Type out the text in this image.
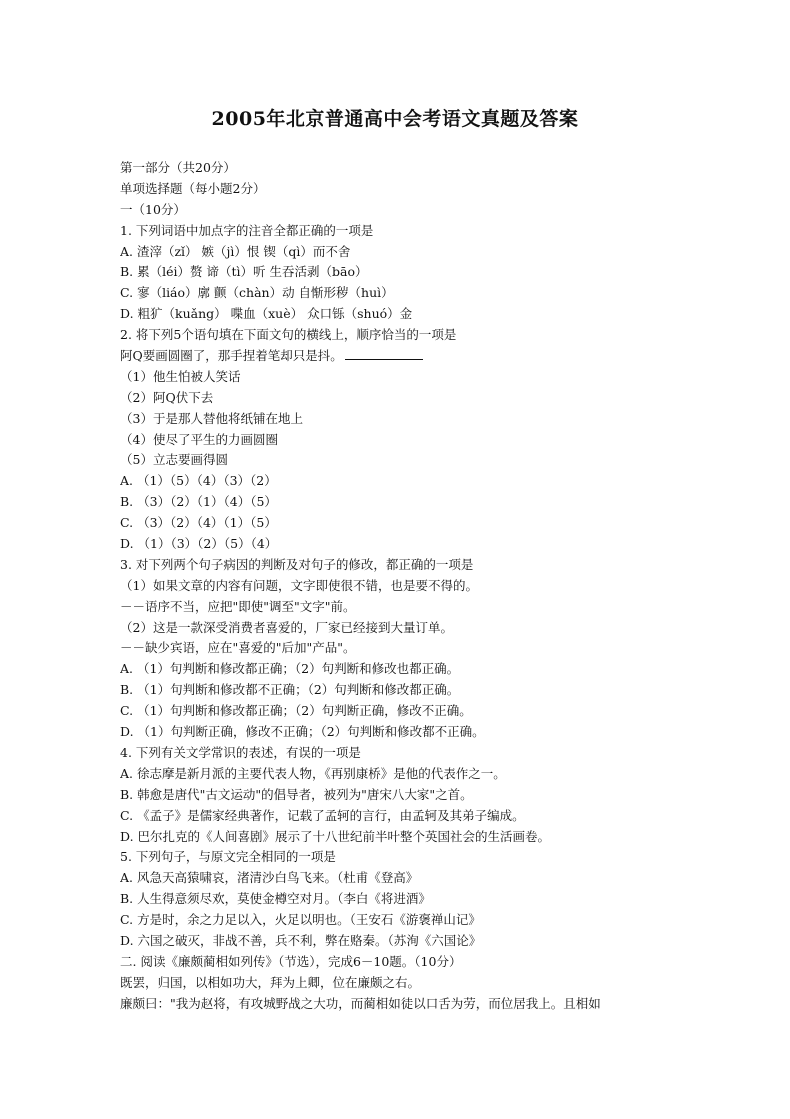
2005年北京普通高中会考语文真题及答案
第一部分（共20分）
单项选择题（每小题2分）
一（10分）
1. 下列词语中加点字的注音全都正确的一项是
A. 渣滓（zǐ） 嫉（jì）恨 锲（qì）而不舍
B. 累（léi）赘 谛（tì）听 生吞活剥（bāo）
C. 寥（liáo）廓 颤（chàn）动 自惭形秽（huì）
D. 粗犷（kuǎng） 喋血（xuè） 众口铄（shuó）金
2. 将下列5个语句填在下面文句的横线上，顺序恰当的一项是
阿Q要画圆圈了，那手捏着笔却只是抖。
（1）他生怕被人笑话
（2）阿Q伏下去
（3）于是那人替他将纸铺在地上
（4）使尽了平生的力画圆圈
（5）立志要画得圆
A. （1）（5）（4）（3）（2）
B. （3）（2）（1）（4）（5）
C. （3）（2）（4）（1）（5）
D. （1）（3）（2）（5）（4）
3. 对下列两个句子病因的判断及对句子的修改，都正确的一项是
（1）如果文章的内容有问题，文字即使很不错，也是要不得的。
－－语序不当，应把"即使"调至"文字"前。
（2）这是一款深受消费者喜爱的，厂家已经接到大量订单。
－－缺少宾语，应在"喜爱的"后加"产品"。
A. （1）句判断和修改都正确；（2）句判断和修改也都正确。
B. （1）句判断和修改都不正确；（2）句判断和修改都正确。
C. （1）句判断和修改都正确；（2）句判断正确，修改不正确。
D. （1）句判断正确，修改不正确；（2）句判断和修改都不正确。
4. 下列有关文学常识的表述，有误的一项是
A. 徐志摩是新月派的主要代表人物，《再别康桥》是他的代表作之一。
B. 韩愈是唐代"古文运动"的倡导者，被列为"唐宋八大家"之首。
C. 《孟子》是儒家经典著作，记载了孟轲的言行，由孟轲及其弟子编成。
D. 巴尔扎克的《人间喜剧》展示了十八世纪前半叶整个英国社会的生活画卷。
5. 下列句子，与原文完全相同的一项是
A. 风急天高猿啸哀，渚清沙白鸟飞来。（杜甫《登高》
B. 人生得意须尽欢，莫使金樽空对月。（李白《将进酒》
C. 方是时，余之力足以入，火足以明也。（王安石《游褒禅山记》
D. 六国之破灭，非战不善，兵不利，弊在赂秦。（苏洵《六国论》
二. 阅读《廉颇蔺相如列传》（节选），完成6－10题。（10分）
既罢，归国，以相如功大，拜为上卿，位在廉颇之右。
廉颇曰："我为赵将，有攻城野战之大功，而蔺相如徒以口舌为劳，而位居我上。且相如
